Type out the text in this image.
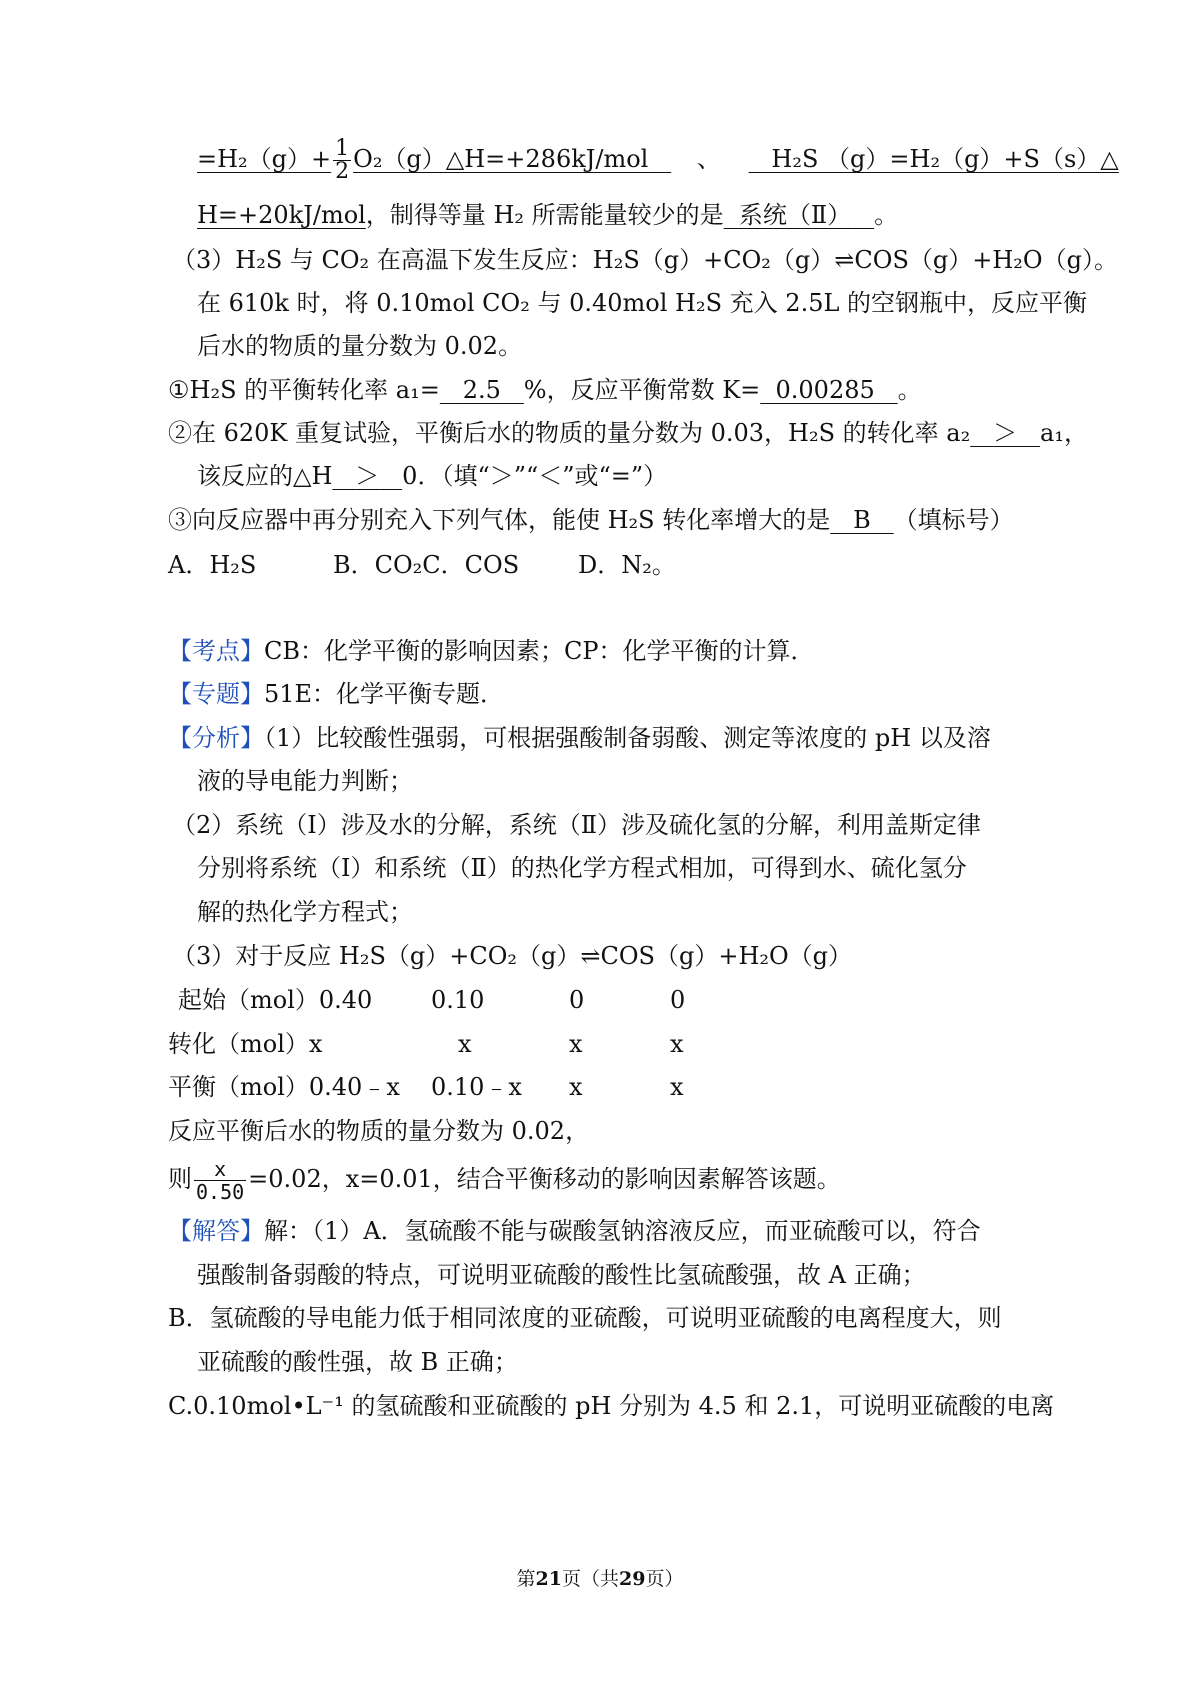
$=H_2(g)+ \frac{1}{2}$ O₂（g）△H=+286kJ/mol 、 H₂S （g）=H₂（g）+S（s）△
H=+20kJ/mol，制得等量 H₂ 所需能量较少的是 系统（Ⅱ） 。
（3）H₂S 与 CO₂ 在高温下发生反应：H₂S（g）+CO₂（g）⇌COS（g）+H₂O（g）。
在 610k 时，将 0.10mol CO₂ 与 0.40mol H₂S 充入 2.5L 的空钢瓶中，反应平衡
后水的物质的量分数为 0.02。
①H₂S 的平衡转化率 a₁= 2.5 %，反应平衡常数 K= 0.00285 。
②在 620K 重复试验，平衡后水的物质的量分数为 0.03，H₂S 的转化率 a₂ ＞ a₁，
该反应的△H ＞ 0．（填“＞”“＜”或“=”）
③向反应器中再分别充入下列气体，能使 H₂S 转化率增大的是 B （填标号）
A．H₂S	B．CO₂C．COS D．N₂。
【考点】CB：化学平衡的影响因素；CP：化学平衡的计算．
【专题】51E：化学平衡专题．
【分析】（1）比较酸性强弱，可根据强酸制备弱酸、测定等浓度的 pH 以及溶
液的导电能力判断；
（2）系统（Ⅰ）涉及水的分解，系统（Ⅱ）涉及硫化氢的分解，利用盖斯定律
分别将系统（Ⅰ）和系统（Ⅱ）的热化学方程式相加，可得到水、硫化氢分
解的热化学方程式；
（3）对于反应 H₂S（g）+CO₂（g）⇌COS（g）+H₂O（g）
起始（mol）0.40 0.10	0	0
转化（mol）x	x	x	x
平衡（mol）0.40﹣x 0.10﹣x x	x
反应平衡后水的物质的量分数为 0.02，
则 $\frac{x}{0.50} =0.02$，x=0.01，结合平衡移动的影响因素解答该题。
【解答】解：（1）A．氢硫酸不能与碳酸氢钠溶液反应，而亚硫酸可以，符合
强酸制备弱酸的特点，可说明亚硫酸的酸性比氢硫酸强，故 A 正确；
B．氢硫酸的导电能力低于相同浓度的亚硫酸，可说明亚硫酸的电离程度大，则
亚硫酸的酸性强，故 B 正确；
C.0.10mol•L⁻¹ 的氢硫酸和亚硫酸的 pH 分别为 4.5 和 2.1，可说明亚硫酸的电离
第21页（共29页）
